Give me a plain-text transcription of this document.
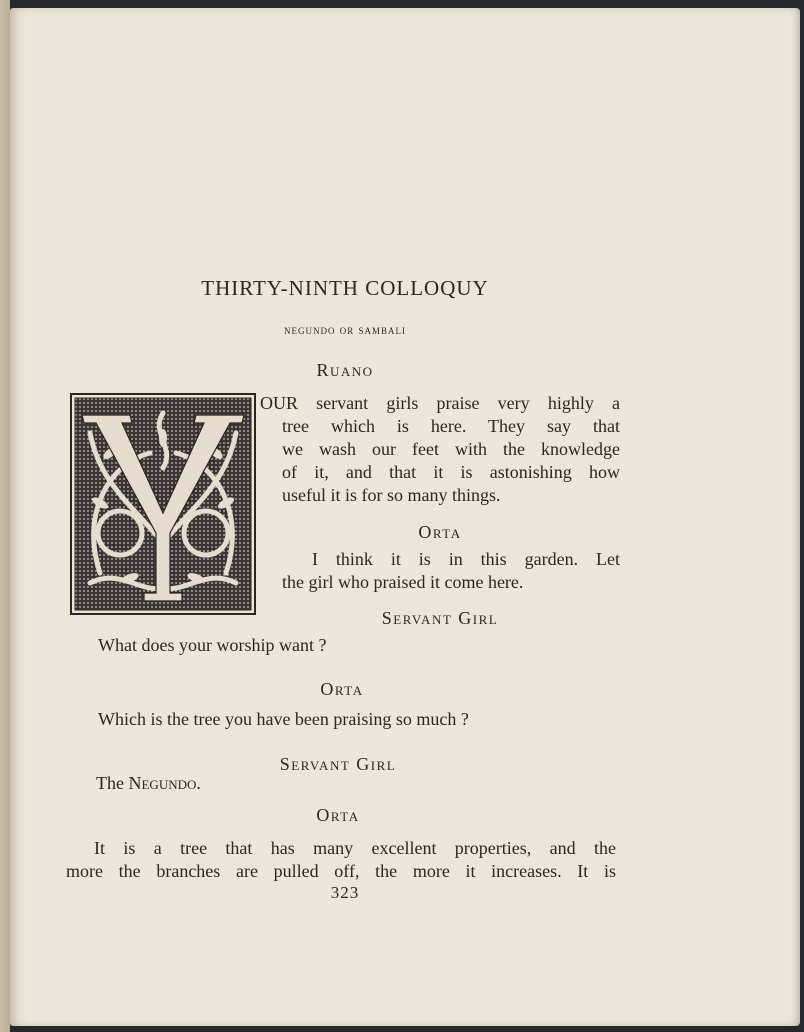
THIRTY-NINTH COLLOQUY
negundo or sambali
Ruano
OUR servant girls praise very highly a
tree which is here. They say that
we wash our feet with the knowledge
of it, and that it is astonishing how
useful it is for so many things.
Orta
I think it is in this garden. Let
the girl who praised it come here.
Servant Girl
What does your worship want ?
Orta
Which is the tree you have been praising so much ?
Servant Girl
The Negundo.
Orta
It is a tree that has many excellent properties, and the
more the branches are pulled off, the more it increases. It is
323
